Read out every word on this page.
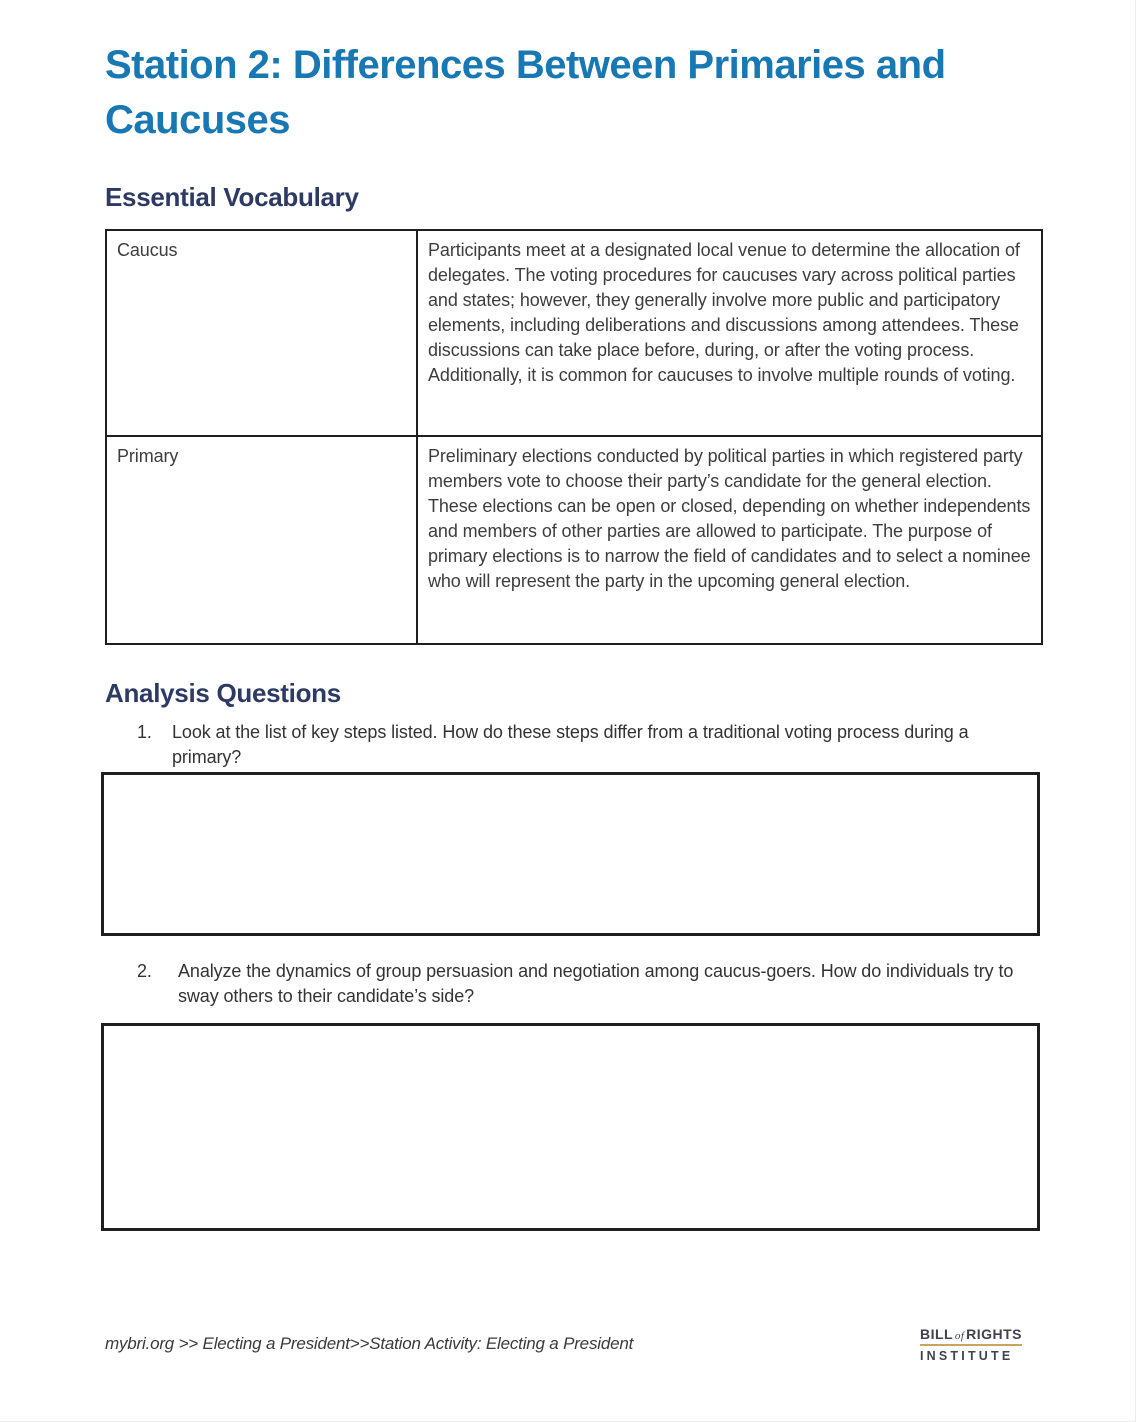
Station 2: Differences Between Primaries and Caucuses
Essential Vocabulary
Caucus	Participants meet at a designated local venue to determine the allocation of delegates. The voting procedures for caucuses vary across political parties and states; however, they generally involve more public and participatory elements, including deliberations and discussions among attendees. These discussions can take place before, during, or after the voting process. Additionally, it is common for caucuses to involve multiple rounds of voting.
Primary	Preliminary elections conducted by political parties in which registered party members vote to choose their party’s candidate for the general election. These elections can be open or closed, depending on whether independents and members of other parties are allowed to participate. The purpose of primary elections is to narrow the field of candidates and to select a nominee who will represent the party in the upcoming general election.
Analysis Questions
1. Look at the list of key steps listed. How do these steps differ from a traditional voting process during a primary?
2. Analyze the dynamics of group persuasion and negotiation among caucus-goers. How do individuals try to sway others to their candidate’s side?
mybri.org >> Electing a President>>Station Activity: Electing a President	BILL of RIGHTS
INSTITUTE
